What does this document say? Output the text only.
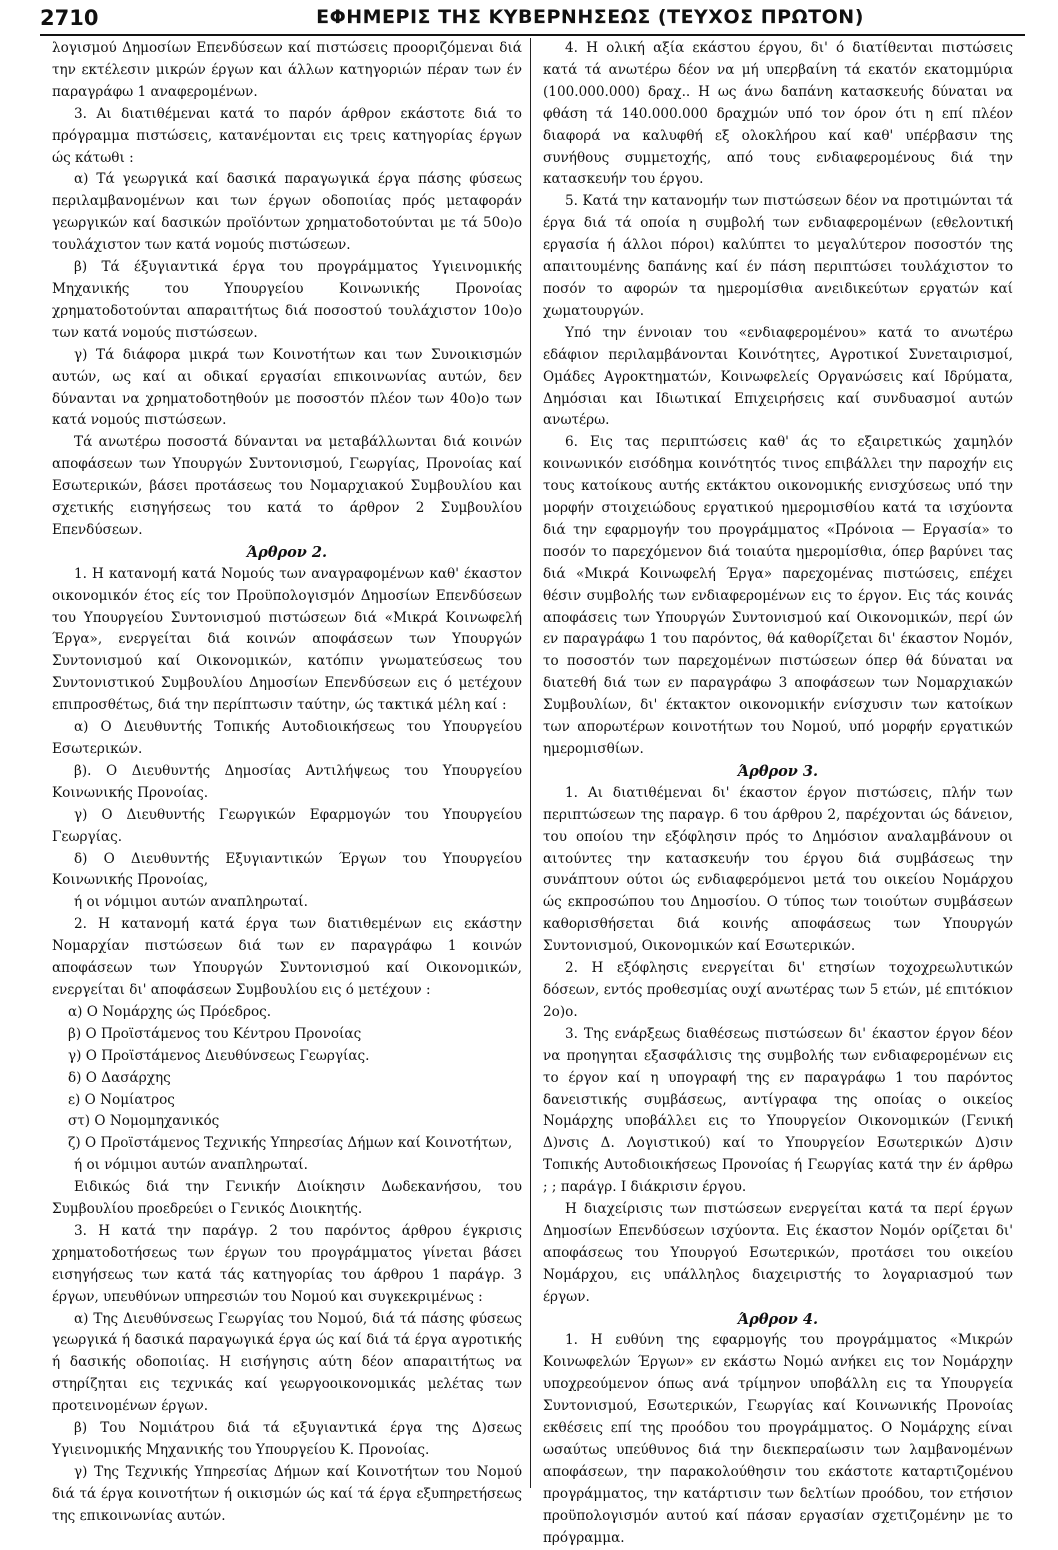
2710	ΕΦΗΜΕΡΙΣ ΤΗΣ ΚΥΒΕΡΝΗΣΕΩΣ (ΤΕΥΧΟΣ ΠΡΩΤΟΝ)

λογισμού Δημοσίων Επενδύσεων καί πιστώσεις προοριζόμεναι διά την εκτέλεσιν μικρών έργων και άλλων κατηγοριών πέραν των έν παραγράφω 1 αναφερομένων.

3. Αι διατιθέμεναι κατά το παρόν άρθρον εκάστοτε διά το πρόγραμμα πιστώσεις, κατανέμονται εις τρεις κατηγορίας έργων ώς κάτωθι :

α) Τά γεωργικά καί δασικά παραγωγικά έργα πάσης φύσεως περιλαμβανομένων και των έργων οδοποιίας πρός μεταφοράν γεωργικών καί δασικών προϊόντων χρηματοδοτούνται με τά 50ο)ο τουλάχιστον των κατά νομούς πιστώσεων.

β) Τά έξυγιαντικά έργα του προγράμματος Υγιεινομικής Μηχανικής του Υπουργείου Κοινωνικής Προνοίας χρηματοδοτούνται απαραιτήτως διά ποσοστού τουλάχιστον 10ο)ο των κατά νομούς πιστώσεων.

γ) Τά διάφορα μικρά των Κοινοτήτων και των Συνοικισμών αυτών, ως καί αι οδικαί εργασίαι επικοινωνίας αυτών, δεν δύνανται να χρηματοδοτηθούν με ποσοστόν πλέον των 40ο)ο των κατά νομούς πιστώσεων.

Τά ανωτέρω ποσοστά δύνανται να μεταβάλλωνται διά κοινών αποφάσεων των Υπουργών Συντονισμού, Γεωργίας, Προνοίας καί Εσωτερικών, βάσει προτάσεως του Νομαρχιακού Συμβουλίου και σχετικής εισηγήσεως του κατά το άρθρον 2 Συμβουλίου Επενδύσεων.

Άρθρον 2.

1. Η κατανομή κατά Νομούς των αναγραφομένων καθ' έκαστον οικονομικόν έτος είς τον Προϋπολογισμόν Δημοσίων Επενδύσεων του Υπουργείου Συντονισμού πιστώσεων διά «Μικρά Κοινωφελή Έργα», ενεργείται διά κοινών αποφάσεων των Υπουργών Συντονισμού καί Οικονομικών, κατόπιν γνωματεύσεως του Συντονιστικού Συμβουλίου Δημοσίων Επενδύσεων εις ό μετέχουν επιπροσθέτως, διά την περίπτωσιν ταύτην, ώς τακτικά μέλη καί :

α) Ο Διευθυντής Τοπικής Αυτοδιοικήσεως του Υπουργείου Εσωτερικών.

β). Ο Διευθυντής Δημοσίας Αντιλήψεως του Υπουργείου Κοινωνικής Προνοίας.

γ) Ο Διευθυντής Γεωργικών Εφαρμογών του Υπουργείου Γεωργίας.

δ) Ο Διευθυντής Εξυγιαντικών Έργων του Υπουργείου Κοινωνικής Προνοίας,

ή οι νόμιμοι αυτών αναπληρωταί.

2. Η κατανομή κατά έργα των διατιθεμένων εις εκάστην Νομαρχίαν πιστώσεων διά των εν παραγράφω 1 κοινών αποφάσεων των Υπουργών Συντονισμού καί Οικονομικών, ενεργείται δι' αποφάσεων Συμβουλίου εις ό μετέχουν :

α) Ο Νομάρχης ώς Πρόεδρος.

β) Ο Προϊστάμενος του Κέντρου Προνοίας

γ) Ο Προϊστάμενος Διευθύνσεως Γεωργίας.

δ) Ο Δασάρχης

ε) Ο Νομίατρος

στ) Ο Νομομηχανικός

ζ) Ο Προϊστάμενος Τεχνικής Υπηρεσίας Δήμων καί Κοινοτήτων,

ή οι νόμιμοι αυτών αναπληρωταί.

Ειδικώς διά την Γενικήν Διοίκησιν Δωδεκανήσου, του Συμβουλίου προεδρεύει ο Γενικός Διοικητής.

3. Η κατά την παράγρ. 2 του παρόντος άρθρου έγκρισις χρηματοδοτήσεως των έργων του προγράμματος γίνεται βάσει εισηγήσεως των κατά τάς κατηγορίας του άρθρου 1 παράγρ. 3 έργων, υπευθύνων υπηρεσιών του Νομού και συγκεκριμένως :

α) Της Διευθύνσεως Γεωργίας του Νομού, διά τά πάσης φύσεως γεωργικά ή δασικά παραγωγικά έργα ώς καί διά τά έργα αγροτικής ή δασικής οδοποιίας. Η εισήγησις αύτη δέον απαραιτήτως να στηρίζηται εις τεχνικάς καί γεωργοοικονομικάς μελέτας των προτεινομένων έργων.

β) Του Νομιάτρου διά τά εξυγιαντικά έργα της Δ)σεως Υγιεινομικής Μηχανικής του Υπουργείου Κ. Προνοίας.

γ) Της Τεχνικής Υπηρεσίας Δήμων καί Κοινοτήτων του Νομού διά τά έργα κοινοτήτων ή οικισμών ώς καί τά έργα εξυπηρετήσεως της επικοινωνίας αυτών.

4. Η ολική αξία εκάστου έργου, δι' ό διατίθενται πιστώσεις κατά τά ανωτέρω δέον να μή υπερβαίνη τά εκατόν εκατομμύρια (100.000.000) δραχ.. Η ως άνω δαπάνη κατασκευής δύναται να φθάση τά 140.000.000 δραχμών υπό τον όρον ότι η επί πλέον διαφορά να καλυφθή εξ ολοκλήρου καί καθ' υπέρβασιν της συνήθους συμμετοχής, από τους ενδιαφερομένους διά την κατασκευήν του έργου.

5. Κατά την κατανομήν των πιστώσεων δέον να προτιμώνται τά έργα διά τά οποία η συμβολή των ενδιαφερομένων (εθελοντική εργασία ή άλλοι πόροι) καλύπτει το μεγαλύτερον ποσοστόν της απαιτουμένης δαπάνης καί έν πάση περιπτώσει τουλάχιστον το ποσόν το αφορών τα ημερομίσθια ανειδικεύτων εργατών καί χωματουργών.

Υπό την έννοιαν του «ενδιαφερομένου» κατά το ανωτέρω εδάφιον περιλαμβάνονται Κοινότητες, Αγροτικοί Συνεταιρισμοί, Ομάδες Αγροκτηματών, Κοινωφελείς Οργανώσεις καί Ιδρύματα, Δημόσιαι και Ιδιωτικαί Επιχειρήσεις καί συνδυασμοί αυτών ανωτέρω.

6. Εις τας περιπτώσεις καθ' άς το εξαιρετικώς χαμηλόν κοινωνικόν εισόδημα κοινότητός τινος επιβάλλει την παροχήν εις τους κατοίκους αυτής εκτάκτου οικονομικής ενισχύσεως υπό την μορφήν στοιχειώδους εργατικού ημερομισθίου κατά τα ισχύοντα διά την εφαρμογήν του προγράμματος «Πρόνοια — Εργασία» το ποσόν το παρεχόμενον διά τοιαύτα ημερομίσθια, όπερ βαρύνει τας διά «Μικρά Κοινωφελή Έργα» παρεχομένας πιστώσεις, επέχει θέσιν συμβολής των ενδιαφερομένων εις το έργον. Εις τάς κοινάς αποφάσεις των Υπουργών Συντονισμού καί Οικονομικών, περί ών εν παραγράφω 1 του παρόντος, θά καθορίζεται δι' έκαστον Νομόν, το ποσοστόν των παρεχομένων πιστώσεων όπερ θά δύναται να διατεθή διά των εν παραγράφω 3 αποφάσεων των Νομαρχιακών Συμβουλίων, δι' έκτακτον οικονομικήν ενίσχυσιν των κατοίκων των απορωτέρων κοινοτήτων του Νομού, υπό μορφήν εργατικών ημερομισθίων.

Άρθρον 3.

1. Αι διατιθέμεναι δι' έκαστον έργον πιστώσεις, πλήν των περιπτώσεων της παραγρ. 6 του άρθρου 2, παρέχονται ώς δάνειον, του οποίου την εξόφλησιν πρός το Δημόσιον αναλαμβάνουν οι αιτούντες την κατασκευήν του έργου διά συμβάσεως την συνάπτουν ούτοι ώς ενδιαφερόμενοι μετά του οικείου Νομάρχου ώς εκπροσώπου του Δημοσίου. Ο τύπος των τοιούτων συμβάσεων καθορισθήσεται διά κοινής αποφάσεως των Υπουργών Συντονισμού, Οικονομικών καί Εσωτερικών.

2. Η εξόφλησις ενεργείται δι' ετησίων τοχοχρεωλυτικών δόσεων, εντός προθεσμίας ουχί ανωτέρας των 5 ετών, μέ επιτόκιον 2ο)ο.

3. Της ενάρξεως διαθέσεως πιστώσεων δι' έκαστον έργον δέον να προηγηται εξασφάλισις της συμβολής των ενδιαφερομένων εις το έργον καί η υπογραφή της εν παραγράφω 1 του παρόντος δανειστικής συμβάσεως, αντίγραφα της οποίας ο οικείος Νομάρχης υποβάλλει εις το Υπουργείον Οικονομικών (Γενική Δ)νσις Δ. Λογιστικού) καί το Υπουργείον Εσωτερικών Δ)σιν Τοπικής Αυτοδιοικήσεως Προνοίας ή Γεωργίας κατά την έν άρθρω ; ; παράγρ. Ι διάκρισιν έργου.

Η διαχείρισις των πιστώσεων ενεργείται κατά τα περί έργων Δημοσίων Επενδύσεων ισχύοντα. Εις έκαστον Νομόν ορίζεται δι' αποφάσεως του Υπουργού Εσωτερικών, προτάσει του οικείου Νομάρχου, εις υπάλληλος διαχειριστής το λογαριασμού των έργων.

Άρθρον 4.

1. Η ευθύνη της εφαρμογής του προγράμματος «Μικρών Κοινωφελών Έργων» εν εκάστω Νομώ ανήκει εις τον Νομάρχην υποχρεούμενον όπως ανά τρίμηνον υποβάλλη εις τα Υπουργεία Συντονισμού, Εσωτερικών, Γεωργίας καί Κοινωνικής Προνοίας εκθέσεις επί της προόδου του προγράμματος. Ο Νομάρχης είναι ωσαύτως υπεύθυνος διά την διεκπεραίωσιν των λαμβανομένων αποφάσεων, την παρακολούθησιν του εκάστοτε καταρτιζομένου προγράμματος, την κατάρτισιν των δελτίων προόδου, τον ετήσιον προϋπολογισμόν αυτού καί πάσαν εργασίαν σχετιζομένην με το πρόγραμμα.
